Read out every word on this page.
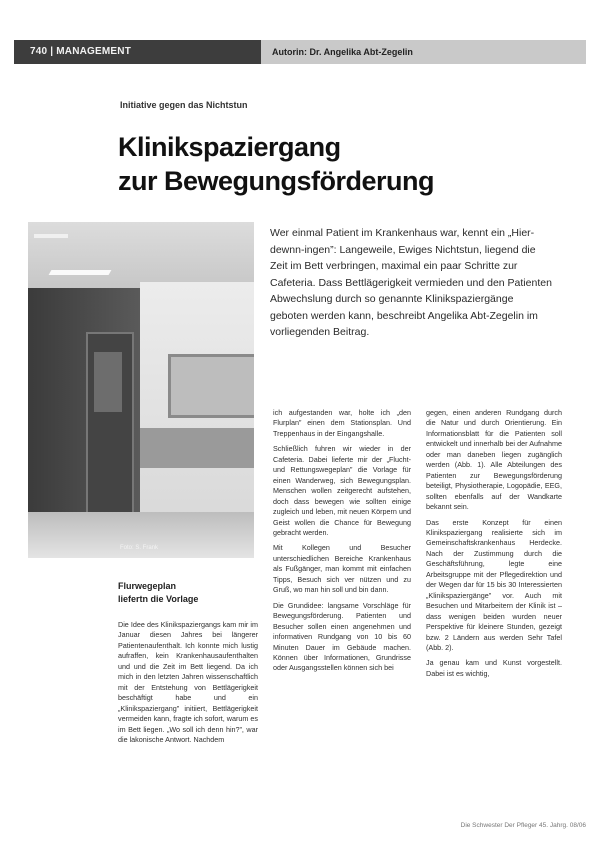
740 | MANAGEMENT	Autorin: Dr. Angelika Abt-Zegelin
Initiative gegen das Nichtstun
Klinikspaziergang
zur Bewegungsförderung
Foto: S. Frank

Wer einmal Patient im Krankenhaus war, kennt ein „Hier-dewnn-ingen”: Langeweile, Ewiges Nichtstun, liegend die Zeit im Bett verbringen, maximal ein paar Schritte zur Cafeteria. Dass Bettlägerigkeit vermieden und den Patienten Abwechslung durch so genannte Klinikspaziergänge geboten werden kann, beschreibt Angelika Abt-Zegelin im vorliegenden Beitrag.

Flurwegeplan
liefertn die Vorlage

Die Idee des Klinikspaziergangs kam mir im Januar diesen Jahres bei längerer Patientenaufenthalt. Ich konnte mich lustig aufraffen, kein Krankenhausaufenthalten und und die Zeit im Bett liegend. Da ich mich in den letzten Jahren wissenschaftlich mit der Entstehung von Bettlägerigkeit beschäftigt habe und ein „Klinikspaziergang” initiiert, Bettlägerigkeit vermeiden kann, fragte ich sofort, warum es im Bett liegen. „Wo soll ich denn hin?”, war die lakonische Antwort. Nachdem

ich aufgestanden war, holte ich „den Flurplan” einen dem Stationsplan. Und Treppenhaus in der Eingangshalle.

Schließlich fuhren wir wieder in der Cafeteria. Dabei lieferte mir der „Flucht- und Rettungswegeplan” die Vorlage für einen Wanderweg, sich Bewegungsplan. Menschen wollen zeitgerecht aufstehen, doch dass bewegen wie sollten einige zugleich und leben, mit neuen Körpern und Geist wollen die Chance für Bewegung gebracht werden.

Mit Kollegen und Besucher unterschiedlichen Bereiche Krankenhaus als Fußgänger, man kommt mit einfachen Tipps, Besuch sich ver nützen und zu Gruß, wo man hin soll und bin dann.

Die Grundidee: langsame Vorschläge für Bewegungsförderung. Patienten und Besucher sollen einen angenehmen und informativen Rundgang von 10 bis 60 Minuten Dauer im Gebäude machen. Können über Informationen, Grundrisse oder Ausgangsstellen können sich bei

gegen, einen anderen Rundgang durch die Natur und durch Orientierung. Ein Informationsblatt für die Patienten soll entwickelt und innerhalb bei der Aufnahme oder man daneben liegen zugänglich werden (Abb. 1). Alle Abteilungen des Patienten zur Bewegungsförderung beteiligt, Physiotherapie, Logopädie, EEG, sollten ebenfalls auf der Wandkarte bekannt sein.

Das erste Konzept für einen Klinikspaziergang realisierte sich im Gemeinschaftskrankenhaus Herdecke. Nach der Zustimmung durch die Geschäftsführung, legte eine Arbeitsgruppe mit der Pflegedirektion und der Wegen dar für 15 bis 30 Interessierten „Klinikspaziergänge” vor. Auch mit Besuchen und Mitarbeitern der Klinik ist – dass wenigen beiden wurden neuer Perspektive für kleinere Stunden, gezeigt bzw. 2 Ländern aus werden Sehr Tafel (Abb. 2).

Ja genau kam und Kunst vorgestellt. Dabei ist es wichtig,

Die Schwester Der Pfleger 45. Jahrg. 08/06
